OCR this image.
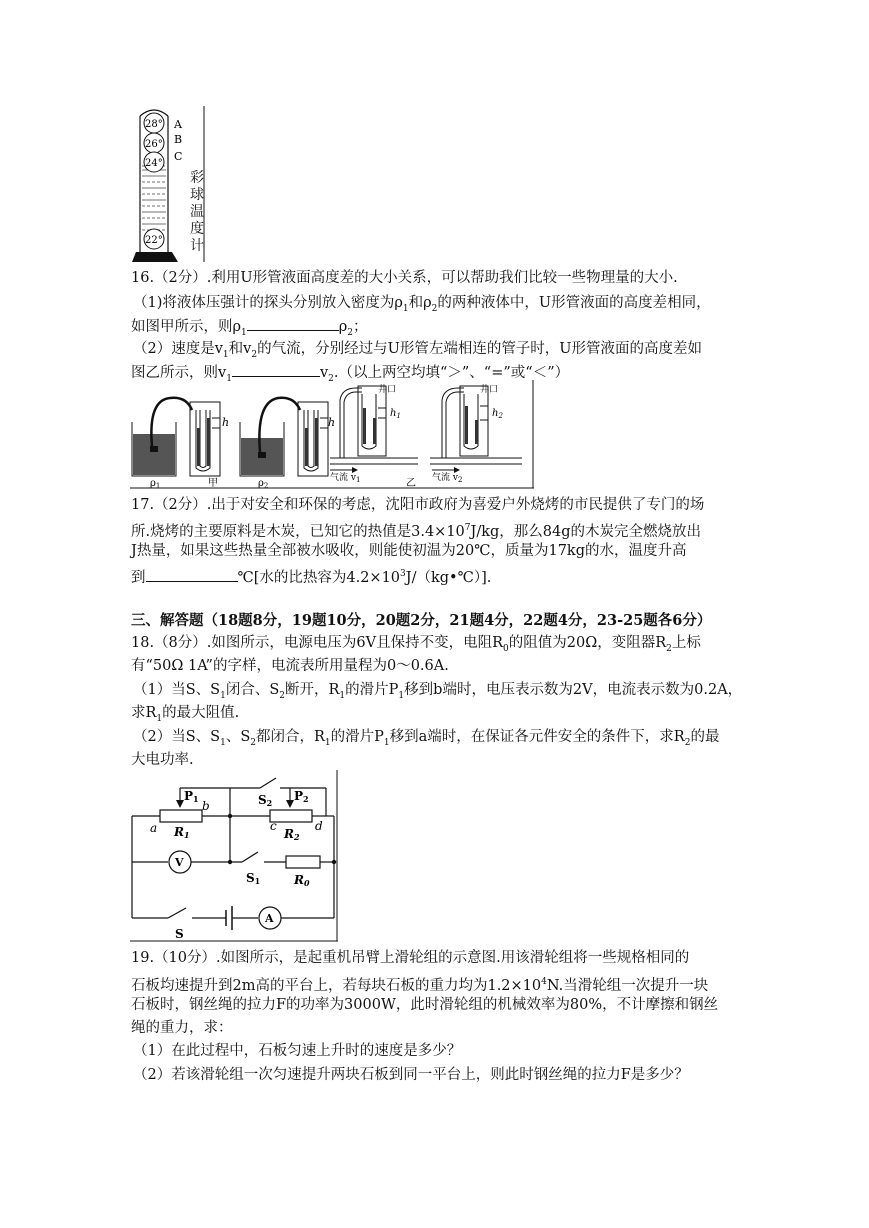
28°
26°
24°
22°
A
B
C
彩球温度计
16.（2分）.利用U形管液面高度差的大小关系，可以帮助我们比较一些物理量的大小.
（1)将液体压强计的探头分别放入密度为$\rho_1$和$\rho_2$的两种液体中，U形管液面的高度差相同，
如图甲所示，则$\rho_1$	$\rho_2$；
（2）速度是$v_1$和$v_2$的气流，分别经过与U形管左端相连的管子时，U形管液面的高度差如
图乙所示，则$v_1$	$v_2$.（以上两空均填“＞”、“=”或“＜”）
h
$\rho_1$	甲
h
$\rho_2$
井口
$h_1$
气流 $v_1$	乙
井口
$h_2$
气流 $v_2$
17.（2分）.出于对安全和环保的考虑，沈阳市政府为喜爱户外烧烤的市民提供了专门的场
所.烧烤的主要原料是木炭，已知它的热值是$3.4\times 10^7J/kg$，那么84g的木炭完全燃烧放出
J热量，如果这些热量全部被水吸收，则能使初温为20℃，质量为17kg的水，温度升高
到	℃[水的比热容为$4.2\times 10^3J/(kg•℃)$].
三、解答题（18题8分，19题10分，20题2分，21题4分，22题4分，23-25题各6分）
18.（8分）.如图所示，电源电压为6V且保持不变，电阻$R_0$的阻值为20Ω，变阻器$R_2$上标
有“50Ω 1A”的字样，电流表所用量程为0～0.6A.
（1）当S、$S_1$闭合、$S_2$断开，$R_1$的滑片$P_1$移到b端时，电压表示数为2V，电流表示数为0.2A，
求$R_1$的最大阻值.
（2）当S、$S_1$、$S_2$都闭合，$R_1$的滑片$P_1$移到a端时，在保证各元件安全的条件下，求$R_2$的最
大电功率.
P1	P2
S2
a
b
c	d
R1	R2
R0
S1
S
V
A
19.（10分）.如图所示，是起重机吊臂上滑轮组的示意图.用该滑轮组将一些规格相同的
石板均速提升到2m高的平台上，若每块石板的重力均为$1.2\times 10^4N$.当滑轮组一次提升一块
石板时，钢丝绳的拉力F的功率为3000W，此时滑轮组的机械效率为80%，不计摩擦和钢丝
绳的重力，求：
（1）在此过程中，石板匀速上升时的速度是多少？
（2）若该滑轮组一次匀速提升两块石板到同一平台上，则此时钢丝绳的拉力F是多少？
